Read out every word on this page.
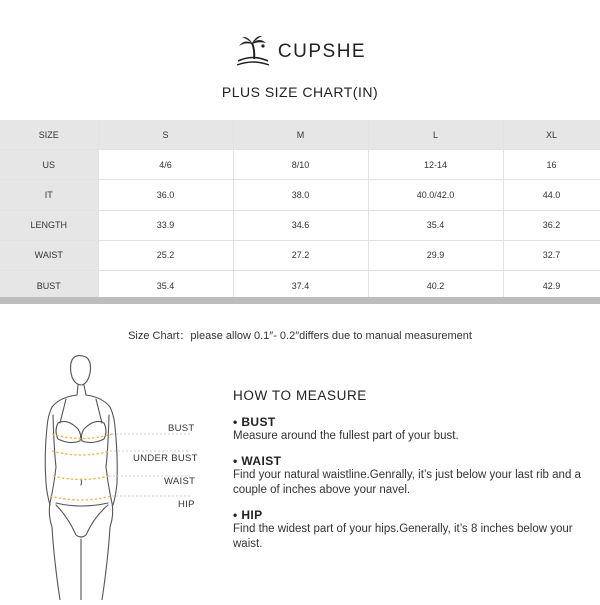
CUPSHE
PLUS SIZE CHART(IN)
SIZE	S	M	L	XL
US	4/6	8/10	12-14	16
IT	36.0	38.0	40.0/42.0	44.0
LENGTH	33.9	34.6	35.4	36.2
WAIST	25.2	27.2	29.9	32.7
BUST	35.4	37.4	40.2	42.9
Size Chart：please allow 0.1″- 0.2″differs due to manual measurement
BUST
UNDER BUST
WAIST
HIP
HOW TO MEASURE
• BUST
Measure around the fullest part of your bust.
• WAIST
Find your natural waistline.Genrally, it’s just below your last rib and a couple of inches above your navel.
• HIP
Find the widest part of your hips.Generally, it’s 8 inches below your waist.
